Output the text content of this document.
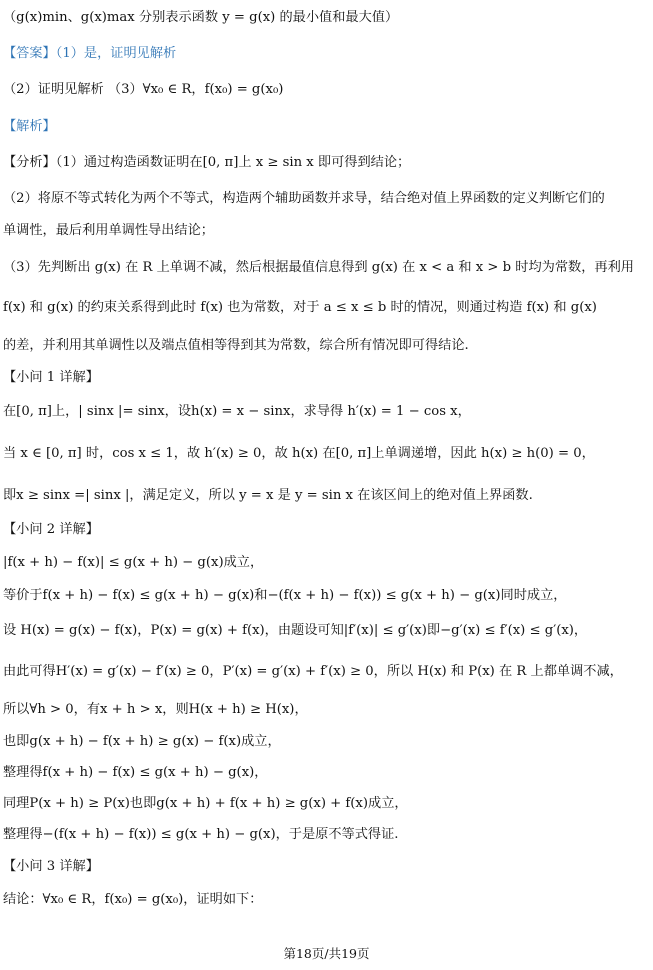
（g(x)min、g(x)max 分别表示函数 y = g(x) 的最小值和最大值）
【答案】（1）是，证明见解析
（2）证明见解析 （3）∀x₀ ∈ R，f(x₀) = g(x₀)
【解析】
【分析】（1）通过构造函数证明在[0, π]上 x ≥ sin x 即可得到结论；
（2）将原不等式转化为两个不等式，构造两个辅助函数并求导，结合绝对值上界函数的定义判断它们的
单调性，最后利用单调性导出结论；
（3）先判断出 g(x) 在 R 上单调不减，然后根据最值信息得到 g(x) 在 x < a 和 x > b 时均为常数，再利用
f(x) 和 g(x) 的约束关系得到此时 f(x) 也为常数，对于 a ≤ x ≤ b 时的情况，则通过构造 f(x) 和 g(x)
的差，并利用其单调性以及端点值相等得到其为常数，综合所有情况即可得结论.
【小问 1 详解】
在[0, π]上，| sinx |= sinx，设h(x) = x − sinx，求导得 h′(x) = 1 − cos x，
当 x ∈ [0, π] 时，cos x ≤ 1，故 h′(x) ≥ 0，故 h(x) 在[0, π]上单调递增，因此 h(x) ≥ h(0) = 0，
即x ≥ sinx =| sinx |，满足定义，所以 y = x 是 y = sin x 在该区间上的绝对值上界函数.
【小问 2 详解】
|f(x + h) − f(x)| ≤ g(x + h) − g(x)成立，
等价于f(x + h) − f(x) ≤ g(x + h) − g(x)和−(f(x + h) − f(x)) ≤ g(x + h) − g(x)同时成立，
设 H(x) = g(x) − f(x)，P(x) = g(x) + f(x)，由题设可知|f′(x)| ≤ g′(x)即−g′(x) ≤ f′(x) ≤ g′(x)，
由此可得H′(x) = g′(x) − f′(x) ≥ 0，P′(x) = g′(x) + f′(x) ≥ 0，所以 H(x) 和 P(x) 在 R 上都单调不减，
所以∀h > 0，有x + h > x，则H(x + h) ≥ H(x)，
也即g(x + h) − f(x + h) ≥ g(x) − f(x)成立，
整理得f(x + h) − f(x) ≤ g(x + h) − g(x)，
同理P(x + h) ≥ P(x)也即g(x + h) + f(x + h) ≥ g(x) + f(x)成立，
整理得−(f(x + h) − f(x)) ≤ g(x + h) − g(x)，于是原不等式得证.
【小问 3 详解】
结论：∀x₀ ∈ R，f(x₀) = g(x₀)，证明如下：
第18页/共19页
